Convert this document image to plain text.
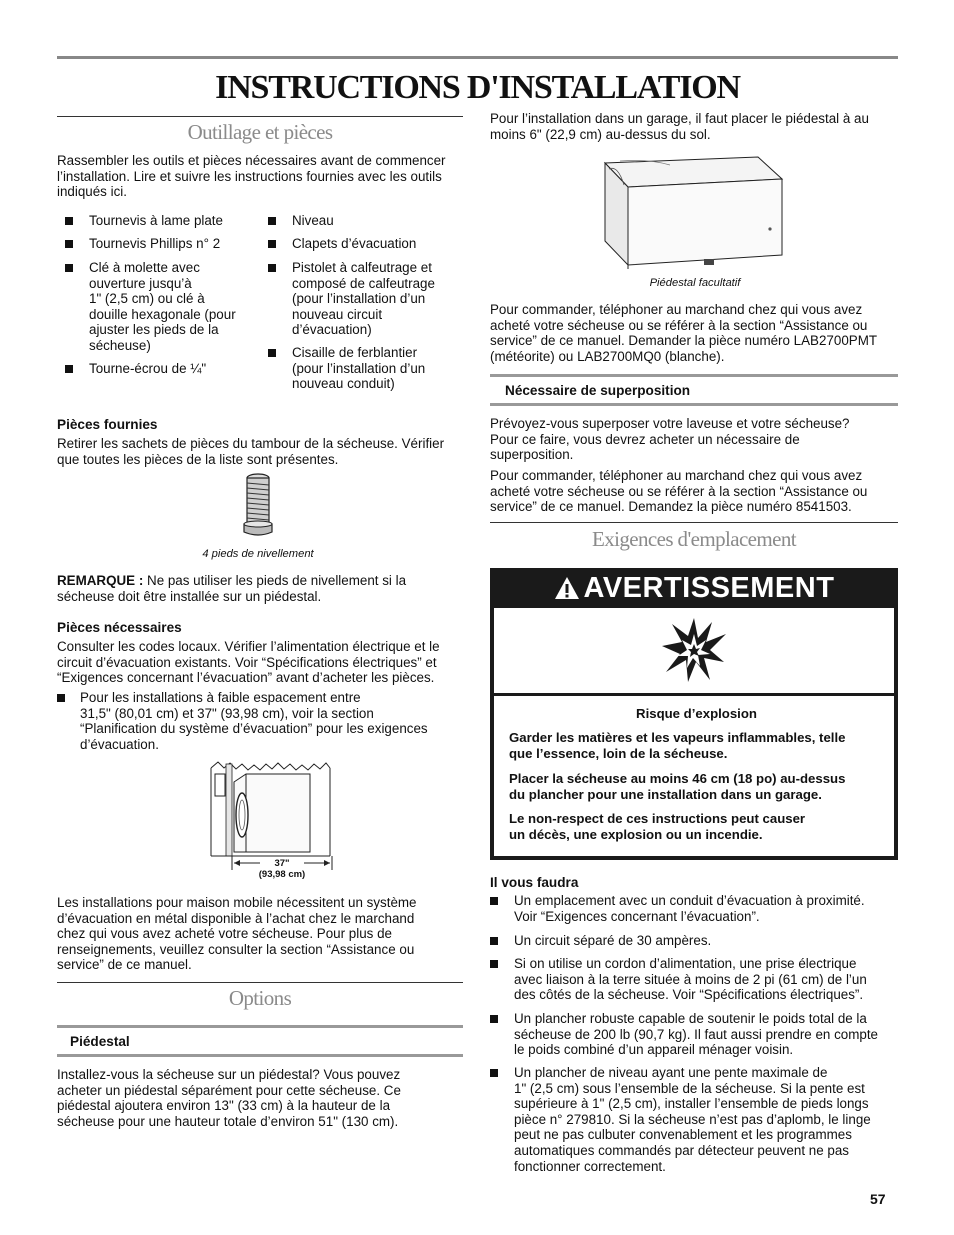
INSTRUCTIONS D'INSTALLATION
Outillage et pièces

Rassembler les outils et pièces nécessaires avant de commencer

l’installation. Lire et suivre les instructions fournies avec les outils

indiqués ici.

Tournevis à lame plate

Tournevis Phillips n° 2

Clé à molette avec

ouverture jusqu’à

1" (2,5 cm) ou clé à

douille hexagonale (pour

ajuster les pieds de la

sécheuse)

Tourne-écrou de ¼"

Niveau

Clapets d’évacuation

Pistolet à calfeutrage et

composé de calfeutrage

(pour l’installation d’un

nouveau circuit

d’évacuation)

Cisaille de ferblantier

(pour l’installation d’un

nouveau conduit)

Pièces fournies

Retirer les sachets de pièces du tambour de la sécheuse. Vérifier

que toutes les pièces de la liste sont présentes.

4 pieds de nivellement

REMARQUE : Ne pas utiliser les pieds de nivellement si la

sécheuse doit être installée sur un piédestal.

Pièces nécessaires

Consulter les codes locaux. Vérifier l’alimentation électrique et le

circuit d’évacuation existants. Voir “Spécifications électriques” et

“Exigences concernant l’évacuation” avant d’acheter les pièces.

Pour les installations à faible espacement entre

31,5" (80,01 cm) et 37" (93,98 cm), voir la section

“Planification du système d’évacuation” pour les exigences

d’évacuation.

37"
(93,98 cm)

Les installations pour maison mobile nécessitent un système

d’évacuation en métal disponible à l’achat chez le marchand

chez qui vous avez acheté votre sécheuse. Pour plus de

renseignements, veuillez consulter la section “Assistance ou

service” de ce manuel.

Options
Piédestal

Installez-vous la sécheuse sur un piédestal? Vous pouvez

acheter un piédestal séparément pour cette sécheuse. Ce

piédestal ajoutera environ 13" (33 cm) à la hauteur de la

sécheuse pour une hauteur totale d’environ 51" (130 cm).

Pour l’installation dans un garage, il faut placer le piédestal à au

moins 6" (22,9 cm) au-dessus du sol.

Piédestal facultatif

Pour commander, téléphoner au marchand chez qui vous avez

acheté votre sécheuse ou se référer à la section “Assistance ou

service” de ce manuel. Demander la pièce numéro LAB2700PMT

(météorite) ou LAB2700MQ0 (blanche).

Nécessaire de superposition

Prévoyez-vous superposer votre laveuse et votre sécheuse?

Pour ce faire, vous devrez acheter un nécessaire de

superposition.

Pour commander, téléphoner au marchand chez qui vous avez

acheté votre sécheuse ou se référer à la section “Assistance ou

service” de ce manuel. Demandez la pièce numéro 8541503.

Exigences d'emplacement
AVERTISSEMENT
Risque d’explosion

Garder les matières et les vapeurs inflammables, telle

que l’essence, loin de la sécheuse.

Placer la sécheuse au moins 46 cm (18 po) au-dessus

du plancher pour une installation dans un garage.

Le non-respect de ces instructions peut causer

un décès, une explosion ou un incendie.

Il vous faudra

Un emplacement avec un conduit d’évacuation à proximité.

Voir “Exigences concernant l’évacuation”.

Un circuit séparé de 30 ampères.

Si on utilise un cordon d’alimentation, une prise électrique

avec liaison à la terre située à moins de 2 pi (61 cm) de l’un

des côtés de la sécheuse. Voir “Spécifications électriques”.

Un plancher robuste capable de soutenir le poids total de la

sécheuse de 200 lb (90,7 kg). Il faut aussi prendre en compte

le poids combiné d’un appareil ménager voisin.

Un plancher de niveau ayant une pente maximale de

1" (2,5 cm) sous l’ensemble de la sécheuse. Si la pente est

supérieure à 1" (2,5 cm), installer l’ensemble de pieds longs

pièce n° 279810. Si la sécheuse n’est pas d’aplomb, le linge

peut ne pas culbuter convenablement et les programmes

automatiques commandés par détecteur peuvent ne pas

fonctionner correctement.

57
